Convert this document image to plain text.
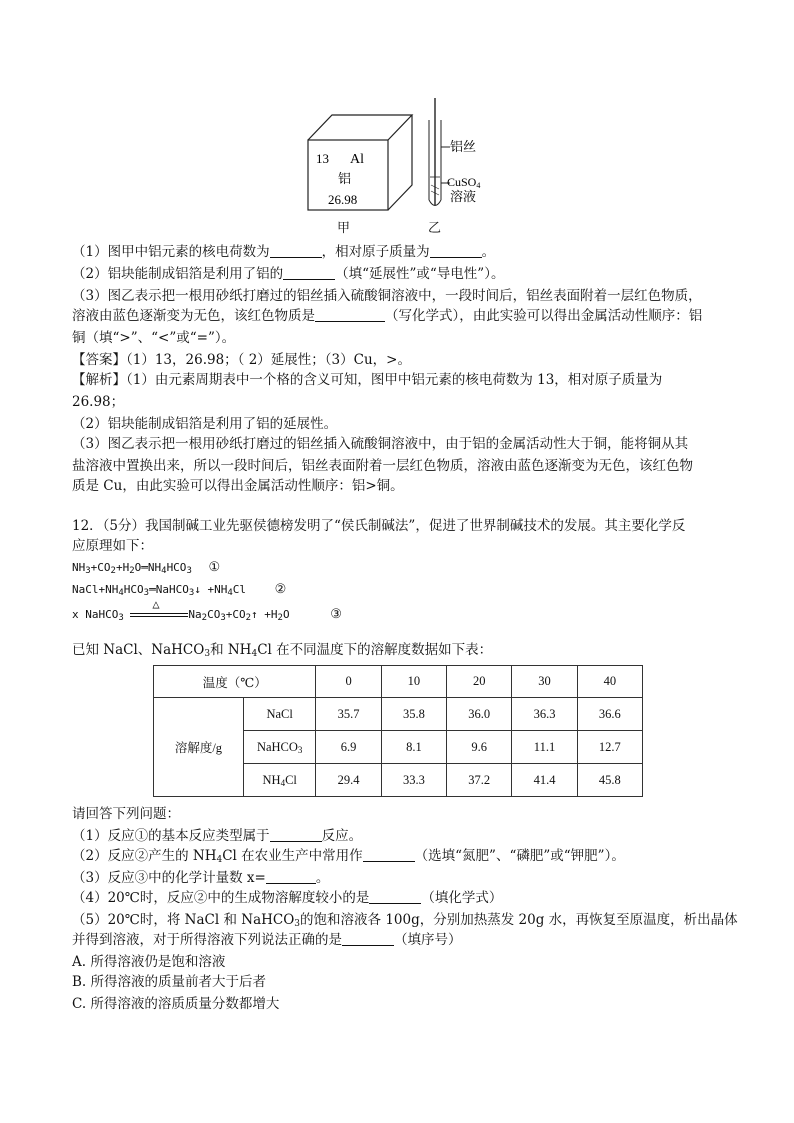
13 Al
铝
26.98
铝丝
CuSO4
溶液
甲	乙
（1）图甲中铝元素的核电荷数为	，相对原子质量为	。
（2）铝块能制成铝箔是利用了铝的	（填“延展性”或“导电性”）。
（3）图乙表示把一根用砂纸打磨过的铝丝插入硫酸铜溶液中，一段时间后，铝丝表面附着一层红色物质，
溶液由蓝色逐渐变为无色，该红色物质是	（写化学式），由此实验可以得出金属活动性顺序：铝
铜（填“>”、“<”或“=”）。
【答案】（1）13，26.98；（ 2）延展性；（3）Cu，>。
【解析】（1）由元素周期表中一个格的含义可知，图甲中铝元素的核电荷数为 13，相对原子质量为
26.98；
（2）铝块能制成铝箔是利用了铝的延展性。
（3）图乙表示把一根用砂纸打磨过的铝丝插入硫酸铜溶液中，由于铝的金属活动性大于铜，能将铜从其
盐溶液中置换出来，所以一段时间后，铝丝表面附着一层红色物质，溶液由蓝色逐渐变为无色，该红色物
质是 Cu，由此实验可以得出金属活动性顺序：铝>铜。
12．（5分）我国制碱工业先驱侯德榜发明了“侯氏制碱法”，促进了世界制碱技术的发展。其主要化学反
应原理如下：
$NH_3+CO_2+H_2O═NH_4HCO_3$ ①
$NaCl+NH_4HCO_3═NaHCO_3↓ +NH_4Cl$ ②
x NaHCO$_3$
△
$Na_2CO_3+CO_2↑ +H_2O$	③
已知 NaCl、NaHCO$_3$和 $NH_4Cl$ 在不同温度下的溶解度数据如下表：
温度（℃）		0	10	20	30	40
溶解度/g	NaCl	35.7	35.8	36.0	36.3	36.6
	NaHCO$_3$	6.9	8.1	9.6	11.1	12.7
	$NH_4Cl$	29.4	33.3	37.2	41.4	45.8
请回答下列问题：
（1）反应①的基本反应类型属于	反应。
（2）反应②产生的 $NH_4Cl$ 在农业生产中常用作	（选填“氮肥”、“磷肥”或“钾肥”）。
（3）反应③中的化学计量数 x=	。
（4）20℃时，反应②中的生成物溶解度较小的是	（填化学式）
（5）20℃时，将 NaCl 和 NaHCO$_3$的饱和溶液各 100g，分别加热蒸发 20g 水，再恢复至原温度，析出晶体
并得到溶液，对于所得溶液下列说法正确的是	（填序号）
A. 所得溶液仍是饱和溶液
B. 所得溶液的质量前者大于后者
C. 所得溶液的溶质质量分数都增大
